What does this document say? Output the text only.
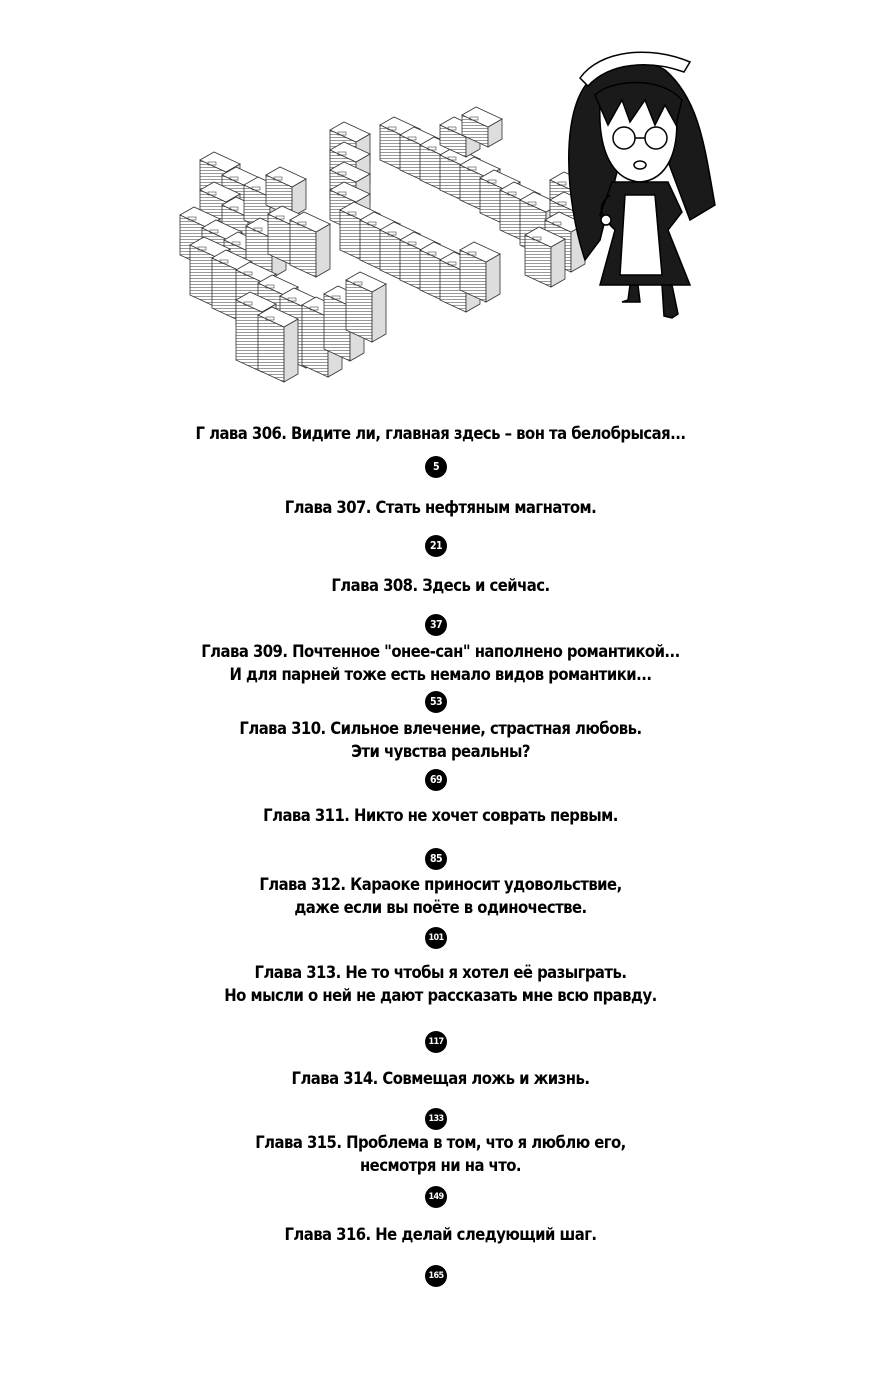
Г лава 306. Видите ли, главная здесь – вон та белобрысая...
5
Глава 307. Стать нефтяным магнатом.
21
Глава 308. Здесь и сейчас.
37
Глава 309. Почтенное "онее-сан" наполнено романтикой...
И для парней тоже есть немало видов романтики...
53
Глава 310. Сильное влечение, страстная любовь.
Эти чувства реальны?
69
Глава 311. Никто не хочет соврать первым.
85
Глава 312. Караоке приносит удовольствие,
даже если вы поёте в одиночестве.
101
Глава 313. Не то чтобы я хотел её разыграть.
Но мысли о ней не дают рассказать мне всю правду.
117
Глава 314. Совмещая ложь и жизнь.
133
Глава 315. Проблема в том, что я люблю его,
несмотря ни на что.
149
Глава 316. Не делай следующий шаг.
165
